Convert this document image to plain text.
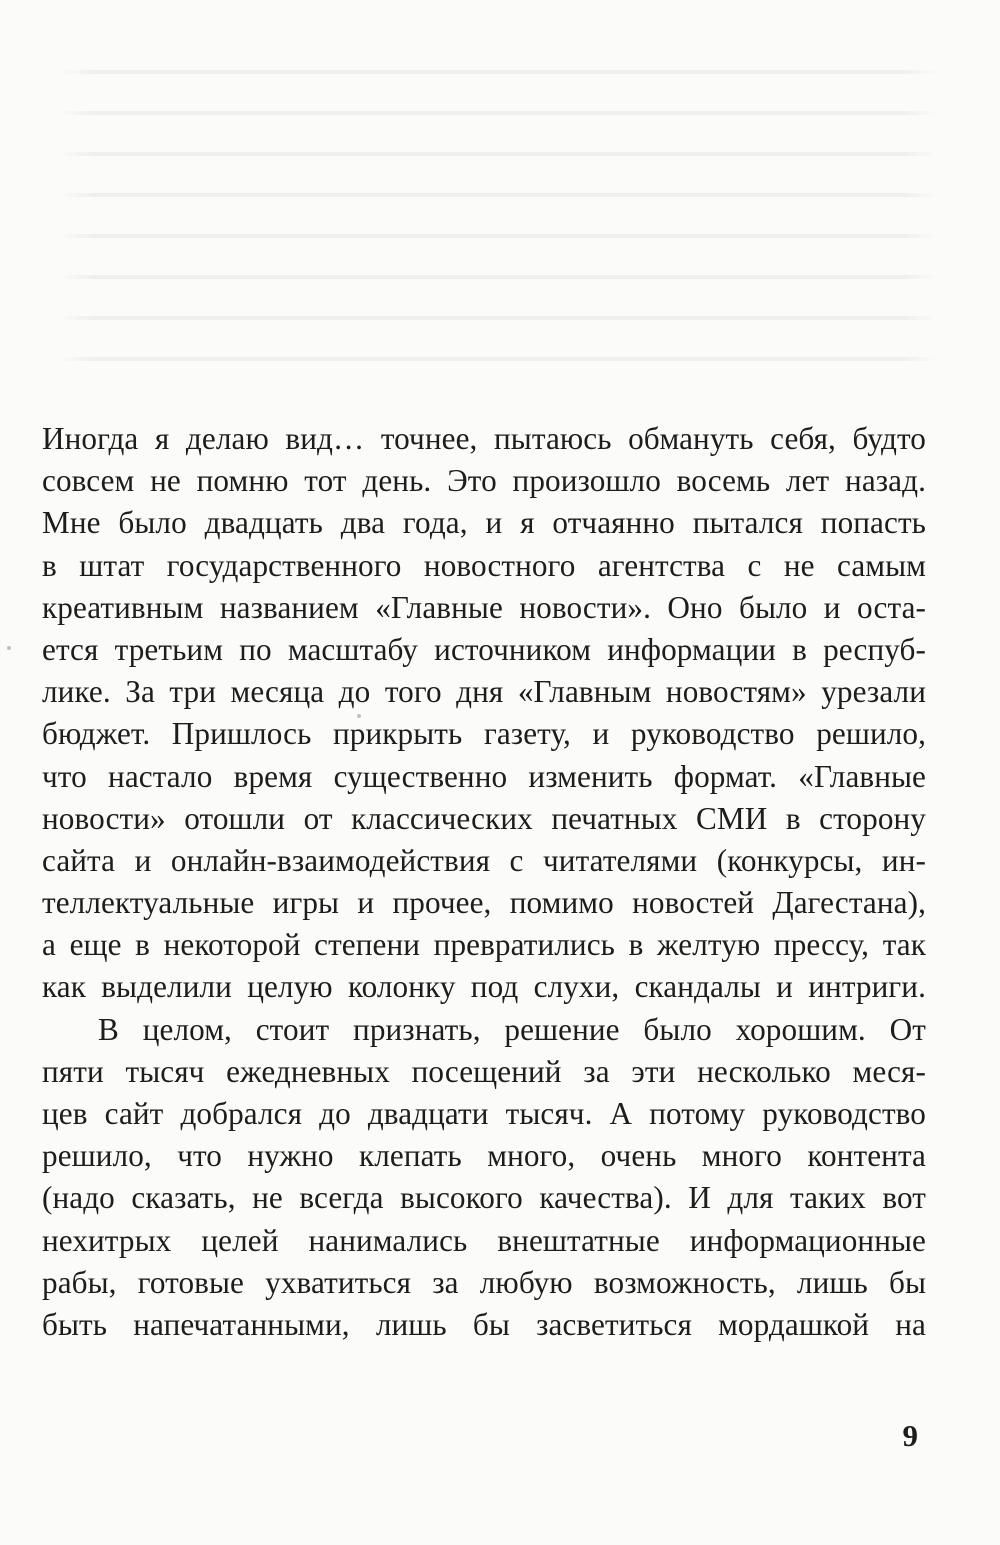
Иногда я делаю вид… точнее, пытаюсь обмануть себя, будто
совсем не помню тот день. Это произошло восемь лет назад.
Мне было двадцать два года, и я отчаянно пытался попасть
в штат государственного новостного агентства с не самым
креативным названием «Главные новости». Оно было и оста-
ется третьим по масштабу источником информации в респуб-
лике. За три месяца до того дня «Главным новостям» урезали
бюджет. Пришлось прикрыть газету, и руководство решило,
что настало время существенно изменить формат. «Главные
новости» отошли от классических печатных СМИ в сторону
сайта и онлайн-взаимодействия с читателями (конкурсы, ин-
теллектуальные игры и прочее, помимо новостей Дагестана),
а еще в некоторой степени превратились в желтую прессу, так
как выделили целую колонку под слухи, скандалы и интриги.
В целом, стоит признать, решение было хорошим. От
пяти тысяч ежедневных посещений за эти несколько меся-
цев сайт добрался до двадцати тысяч. А потому руководство
решило, что нужно клепать много, очень много контента
(надо сказать, не всегда высокого качества). И для таких вот
нехитрых целей нанимались внештатные информационные
рабы, готовые ухватиться за любую возможность, лишь бы
быть напечатанными, лишь бы засветиться мордашкой на
9
